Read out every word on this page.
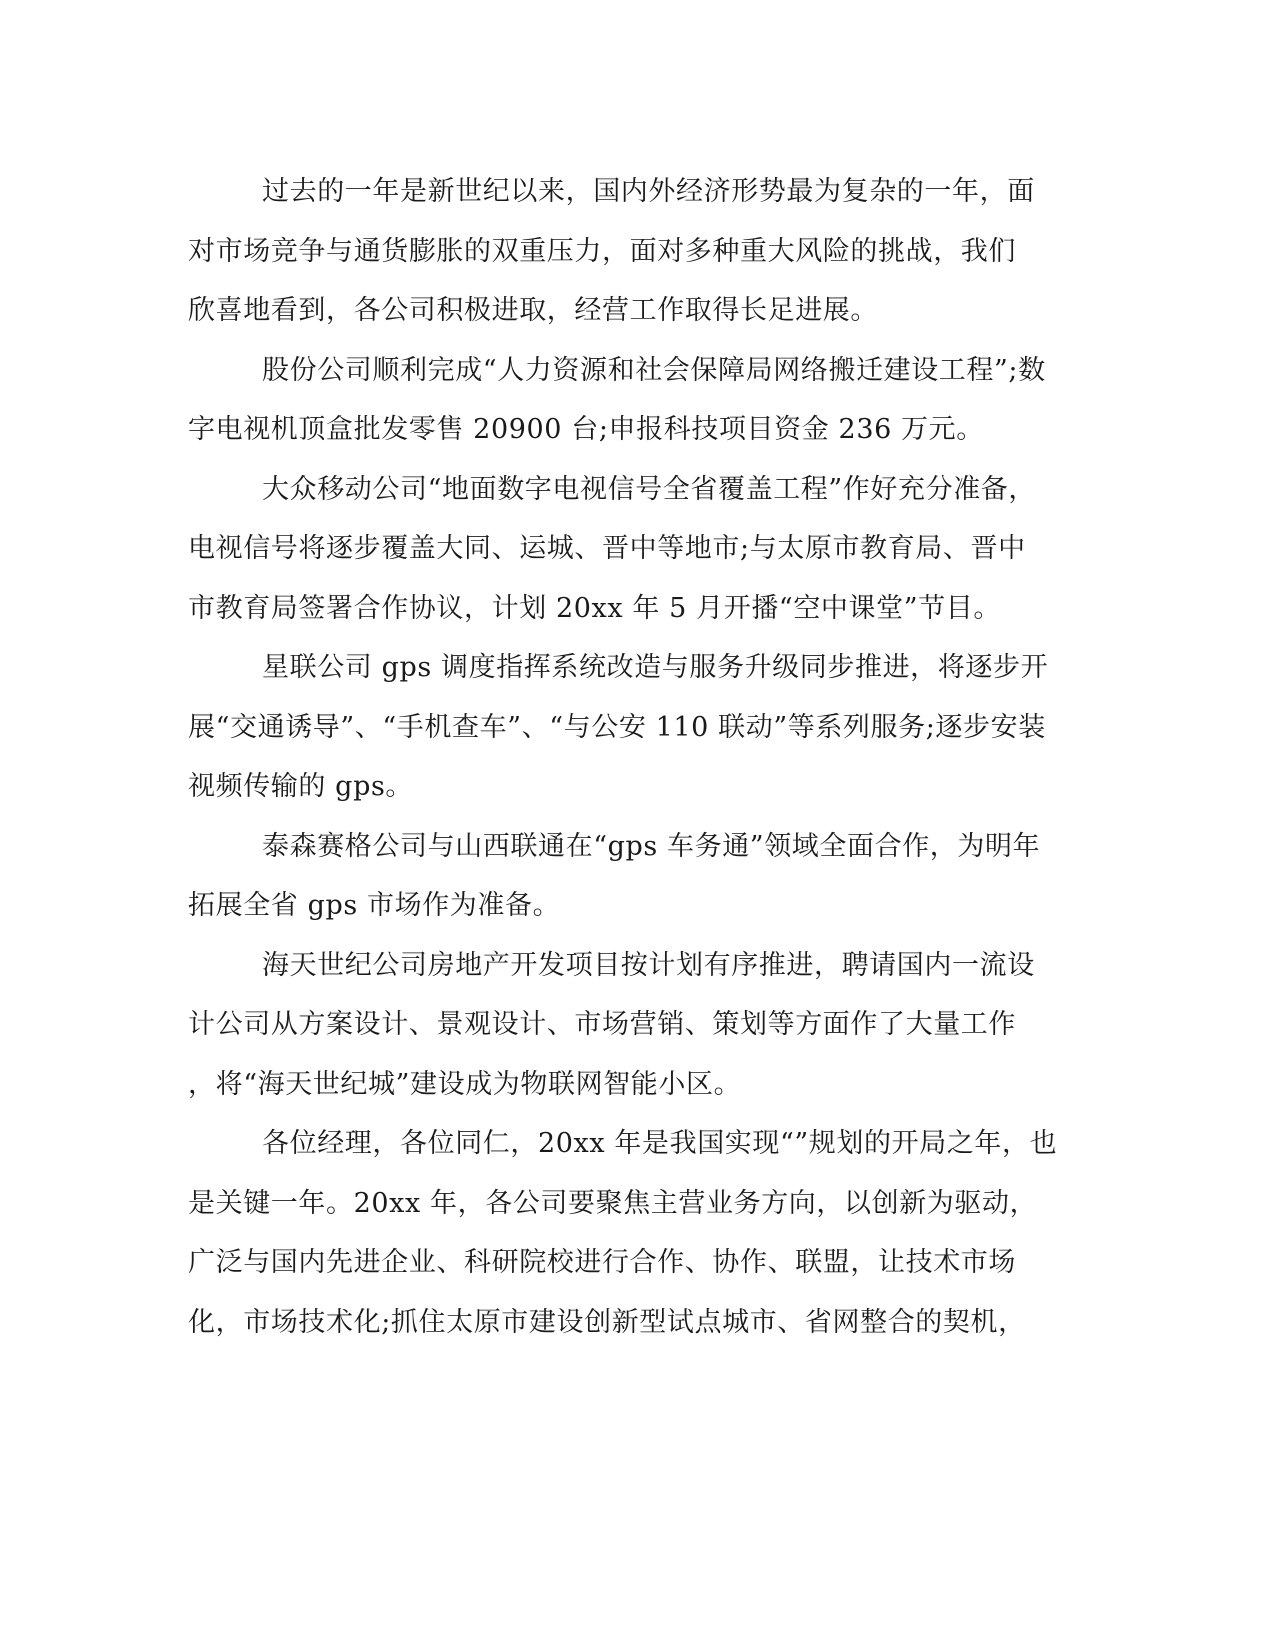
过去的一年是新世纪以来，国内外经济形势最为复杂的一年，面
对市场竞争与通货膨胀的双重压力，面对多种重大风险的挑战，我们
欣喜地看到，各公司积极进取，经营工作取得长足进展。
股份公司顺利完成“人力资源和社会保障局网络搬迁建设工程”;数
字电视机顶盒批发零售 20900 台;申报科技项目资金 236 万元。
大众移动公司“地面数字电视信号全省覆盖工程”作好充分准备，
电视信号将逐步覆盖大同、运城、晋中等地市;与太原市教育局、晋中
市教育局签署合作协议，计划 20xx 年 5 月开播“空中课堂”节目。
星联公司 gps 调度指挥系统改造与服务升级同步推进，将逐步开
展“交通诱导”、“手机查车”、“与公安 110 联动”等系列服务;逐步安装
视频传输的 gps。
泰森赛格公司与山西联通在“gps 车务通”领域全面合作，为明年
拓展全省 gps 市场作为准备。
海天世纪公司房地产开发项目按计划有序推进，聘请国内一流设
计公司从方案设计、景观设计、市场营销、策划等方面作了大量工作
，将“海天世纪城”建设成为物联网智能小区。
各位经理，各位同仁，20xx 年是我国实现“”规划的开局之年，也
是关键一年。20xx 年，各公司要聚焦主营业务方向，以创新为驱动，
广泛与国内先进企业、科研院校进行合作、协作、联盟，让技术市场
化，市场技术化;抓住太原市建设创新型试点城市、省网整合的契机，
